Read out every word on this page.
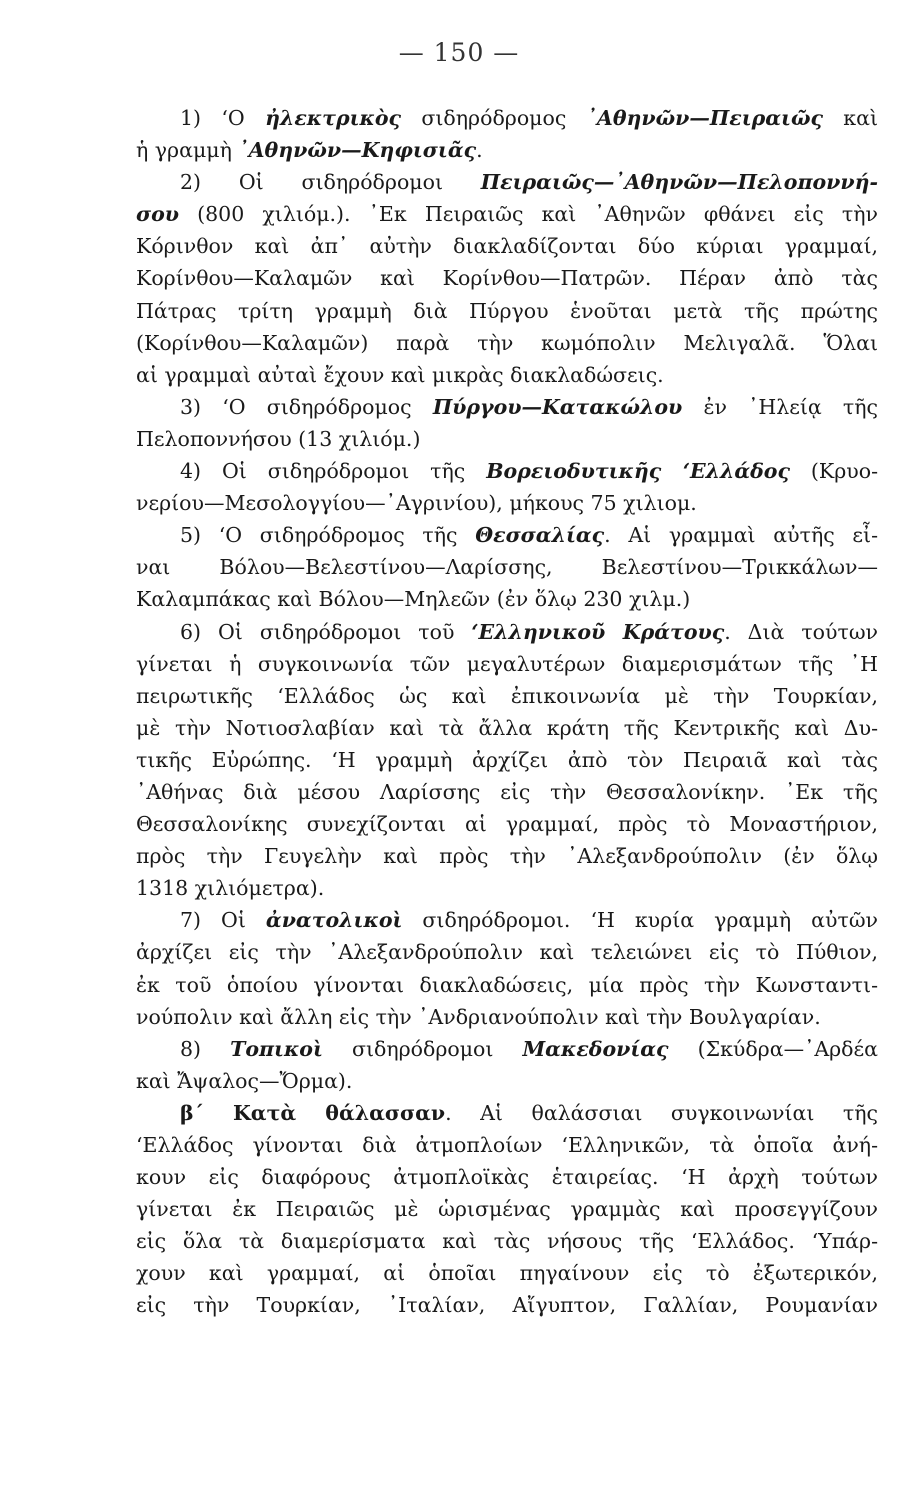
— 150 —
1) ‘Ο ἠλεκτρικὸς σιδηρόδρομος ᾿Αθηνῶν—Πειραιῶς καὶ
ἡ γραμμὴ ᾿Αθηνῶν—Κηφισιᾶς.
2) Οἱ σιδηρόδρομοι Πειραιῶς—᾿Αθηνῶν—Πελοποννή-
σου (800 χιλιόμ.). ᾿Εκ Πειραιῶς καὶ ᾿Αθηνῶν φθάνει εἰς τὴν
Κόρινθον καὶ ἀπ᾿ αὐτὴν διακλαδίζονται δύο κύριαι γραμμαί,
Κορίνθου—Καλαμῶν καὶ Κορίνθου—Πατρῶν. Πέραν ἀπὸ τὰς
Πάτρας τρίτη γραμμὴ διὰ Πύργου ἑνοῦται μετὰ τῆς πρώτης
(Κορίνθου—Καλαμῶν) παρὰ τὴν κωμόπολιν Μελιγαλᾶ. Ὅλαι
αἱ γραμμαὶ αὐταὶ ἔχουν καὶ μικρὰς διακλαδώσεις.
3) ‘Ο σιδηρόδρομος Πύργου—Κατακώλου ἐν ᾿Ηλείᾳ τῆς
Πελοποννήσου (13 χιλιόμ.)
4) Οἱ σιδηρόδρομοι τῆς Βορειοδυτικῆς ‘Ελλάδος (Κρυο-
νερίου—Μεσολογγίου—᾿Αγρινίου), μήκους 75 χιλιομ.
5) ‘Ο σιδηρόδρομος τῆς Θεσσαλίας. Αἱ γραμμαὶ αὐτῆς εἶ-
ναι Βόλου—Βελεστίνου—Λαρίσσης, Βελεστίνου—Τρικκάλων—
Καλαμπάκας καὶ Βόλου—Μηλεῶν (ἐν ὅλῳ 230 χιλμ.)
6) Οἱ σιδηρόδρομοι τοῦ ‘Ελληνικοῦ Κράτους. Διὰ τούτων
γίνεται ἡ συγκοινωνία τῶν μεγαλυτέρων διαμερισμάτων τῆς ᾿Η
πειρωτικῆς ‘Ελλάδος ὡς καὶ ἐπικοινωνία μὲ τὴν Τουρκίαν,
μὲ τὴν Νοτιοσλαβίαν καὶ τὰ ἄλλα κράτη τῆς Κεντρικῆς καὶ Δυ-
τικῆς Εὐρώπης. ‘Η γραμμὴ ἀρχίζει ἀπὸ τὸν Πειραιᾶ καὶ τὰς
᾿Αθήνας διὰ μέσου Λαρίσσης εἰς τὴν Θεσσαλονίκην. ᾿Εκ τῆς
Θεσσαλονίκης συνεχίζονται αἱ γραμμαί, πρὸς τὸ Μοναστήριον,
πρὸς τὴν Γευγελὴν καὶ πρὸς τὴν ᾿Αλεξανδρούπολιν (ἐν ὅλῳ
1318 χιλιόμετρα).
7) Οἱ ἀνατολικοὶ σιδηρόδρομοι. ‘Η κυρία γραμμὴ αὐτῶν
ἀρχίζει εἰς τὴν ᾿Αλεξανδρούπολιν καὶ τελειώνει εἰς τὸ Πύθιον,
ἐκ τοῦ ὁποίου γίνονται διακλαδώσεις, μία πρὸς τὴν Κωνσταντι-
νούπολιν καὶ ἄλλη εἰς τὴν ᾿Ανδριανούπολιν καὶ τὴν Βουλγαρίαν.
8) Τοπικοὶ σιδηρόδρομοι Μακεδονίας (Σκύδρα—᾿Αρδέα
καὶ Ἄψαλος—Ὄρμα).
β΄ Κατὰ θάλασσαν. Αἱ θαλάσσιαι συγκοινωνίαι τῆς
‘Ελλάδος γίνονται διὰ ἀτμοπλοίων ‘Ελληνικῶν, τὰ ὁποῖα ἀνή-
κουν εἰς διαφόρους ἀτμοπλοϊκὰς ἑταιρείας. ‘Η ἀρχὴ τούτων
γίνεται ἐκ Πειραιῶς μὲ ὡρισμένας γραμμὰς καὶ προσεγγίζουν
εἰς ὅλα τὰ διαμερίσματα καὶ τὰς νήσους τῆς ‘Ελλάδος. ‘Υπάρ-
χουν καὶ γραμμαί, αἱ ὁποῖαι πηγαίνουν εἰς τὸ ἐξωτερικόν,
εἰς τὴν Τουρκίαν, ᾿Ιταλίαν, Αἴγυπτον, Γαλλίαν, Ρουμανίαν
